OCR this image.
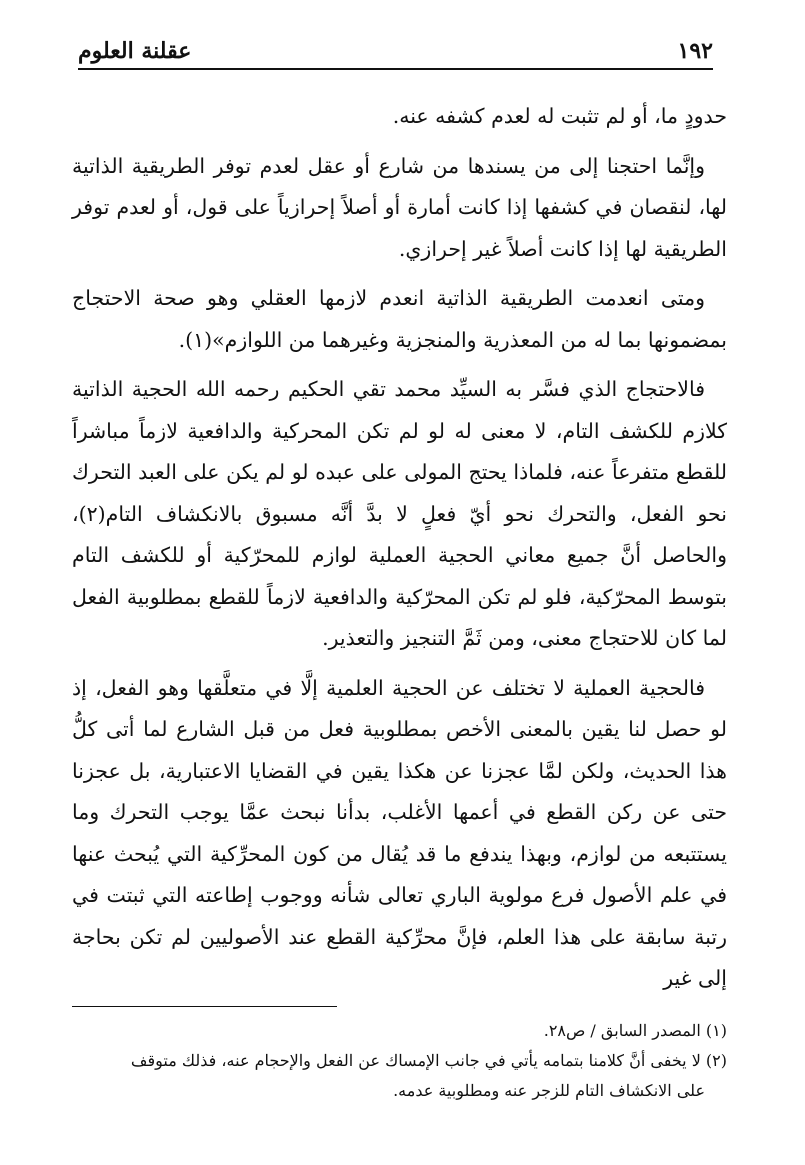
١٩٢
عقلنة العلوم

حدودٍ ما، أو لم تثبت له لعدم كشفه عنه.

وإنَّما احتجنا إلى من يسندها من شارع أو عقل لعدم توفر الطريقية الذاتية لها، لنقصان في كشفها إذا كانت أمارة أو أصلاً إحرازياً على قول، أو لعدم توفر الطريقية لها إذا كانت أصلاً غير إحرازي.

ومتى انعدمت الطريقية الذاتية انعدم لازمها العقلي وهو صحة الاحتجاج بمضمونها بما له من المعذرية والمنجزية وغيرهما من اللوازم»(١).

فالاحتجاج الذي فسَّر به السيِّد محمد تقي الحكيم رحمه الله الحجية الذاتية كلازم للكشف التام، لا معنى له لو لم تكن المحركية والدافعية لازماً مباشراً للقطع متفرعاً عنه، فلماذا يحتج المولى على عبده لو لم يكن على العبد التحرك نحو الفعل، والتحرك نحو أيّ فعلٍ لا بدَّ أنَّه مسبوق بالانكشاف التام(٢)، والحاصل أنَّ جميع معاني الحجية العملية لوازم للمحرّكية أو للكشف التام بتوسط المحرّكية، فلو لم تكن المحرّكية والدافعية لازماً للقطع بمطلوبية الفعل لما كان للاحتجاج معنى، ومن ثَمَّ التنجيز والتعذير.

فالحجية العملية لا تختلف عن الحجية العلمية إلَّا في متعلَّقها وهو الفعل، إذ لو حصل لنا يقين بالمعنى الأخص بمطلوبية فعل من قبل الشارع لما أتى كلُّ هذا الحديث، ولكن لمَّا عجزنا عن هكذا يقين في القضايا الاعتبارية، بل عجزنا حتى عن ركن القطع في أعمها الأغلب، بدأنا نبحث عمَّا يوجب التحرك وما يستتبعه من لوازم، وبهذا يندفع ما قد يُقال من كون المحرِّكية التي يُبحث عنها في علم الأصول فرع مولوية الباري تعالى شأنه ووجوب إطاعته التي ثبتت في رتبة سابقة على هذا العلم، فإنَّ محرِّكية القطع عند الأصوليين لم تكن بحاجة إلى غير

(١) المصدر السابق / ص٢٨.

(٢) لا يخفى أنَّ كلامنا بتمامه يأتي في جانب الإمساك عن الفعل والإحجام عنه، فذلك متوقف

على الانكشاف التام للزجر عنه ومطلوبية عدمه.
